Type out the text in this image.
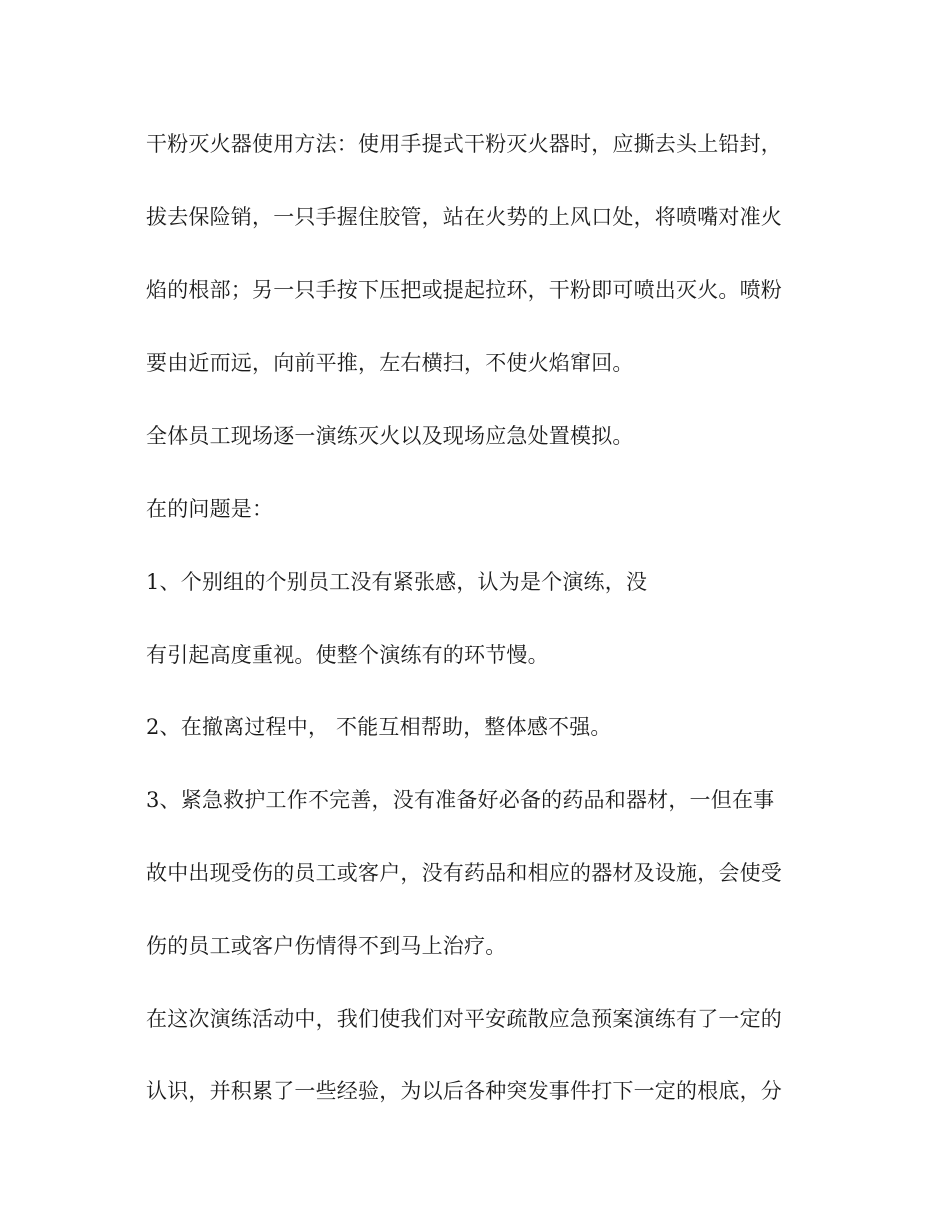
干粉灭火器使用方法：使用手提式干粉灭火器时，应撕去头上铅封，
拔去保险销，一只手握住胶管，站在火势的上风口处，将喷嘴对准火
焰的根部；另一只手按下压把或提起拉环，干粉即可喷出灭火。喷粉
要由近而远，向前平推，左右横扫，不使火焰窜回。
全体员工现场逐一演练灭火以及现场应急处置模拟。
在的问题是：
1、个别组的个别员工没有紧张感，认为是个演练，没
有引起高度重视。使整个演练有的环节慢。
2、在撤离过程中， 不能互相帮助，整体感不强。
3、紧急救护工作不完善，没有准备好必备的药品和器材，一但在事
故中出现受伤的员工或客户，没有药品和相应的器材及设施，会使受
伤的员工或客户伤情得不到马上治疗。
在这次演练活动中，我们使我们对平安疏散应急预案演练有了一定的
认识，并积累了一些经验，为以后各种突发事件打下一定的根底，分
